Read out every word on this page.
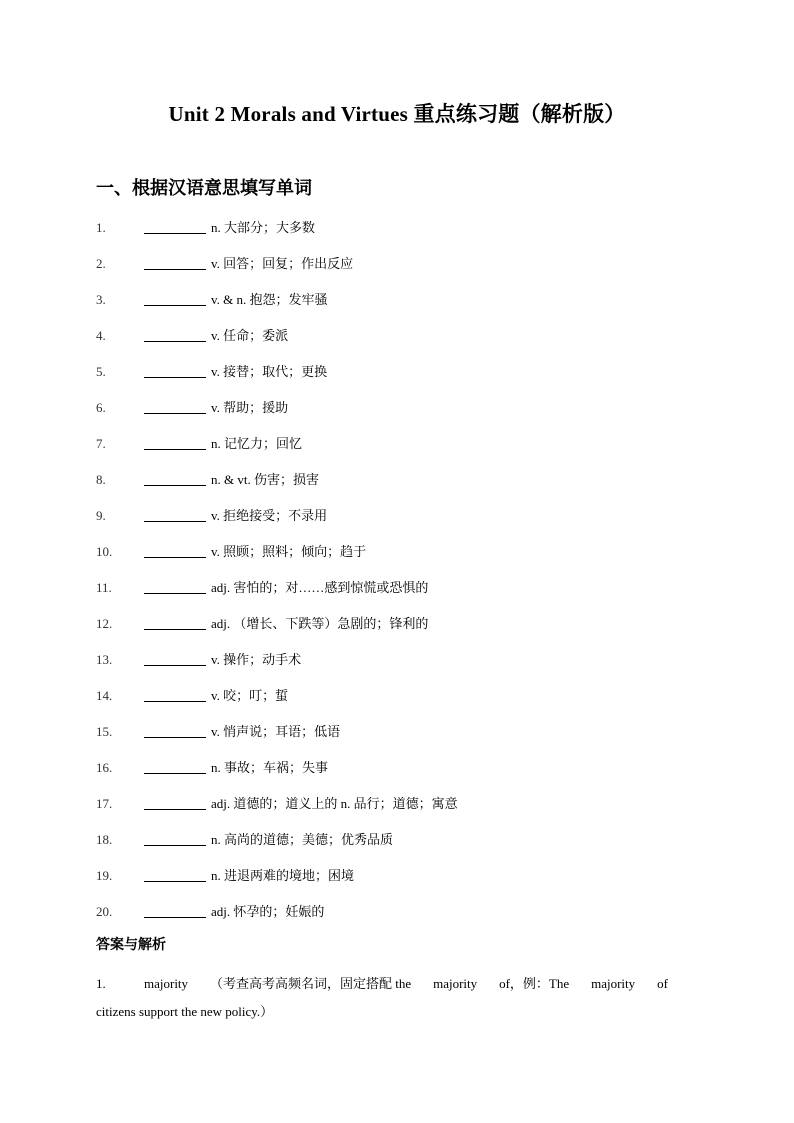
Unit 2 Morals and Virtues 重点练习题（解析版）
一、根据汉语意思填写单词
1.	n. 大部分；大多数
2.	v. 回答；回复；作出反应
3.	v. & n. 抱怨；发牢骚
4.	v. 任命；委派
5.	v. 接替；取代；更换
6.	v. 帮助；援助
7.	n. 记忆力；回忆
8.	n. & vt. 伤害；损害
9.	v. 拒绝接受；不录用
10.	v. 照顾；照料；倾向；趋于
11.	adj. 害怕的；对……感到惊慌或恐惧的
12.	adj. （增长、下跌等）急剧的；锋利的
13.	v. 操作；动手术
14.	v. 咬；叮；蜇
15.	v. 悄声说；耳语；低语
16.	n. 事故；车祸；失事
17.	adj. 道德的；道义上的 n. 品行；道德；寓意
18.	n. 高尚的道德；美德；优秀品质
19.	n. 进退两难的境地；困境
20.	adj. 怀孕的；妊娠的
答案与解析
1.	majority （考查高考高频名词，固定搭配 the majority of，例：The majority of
citizens support the new policy.）
